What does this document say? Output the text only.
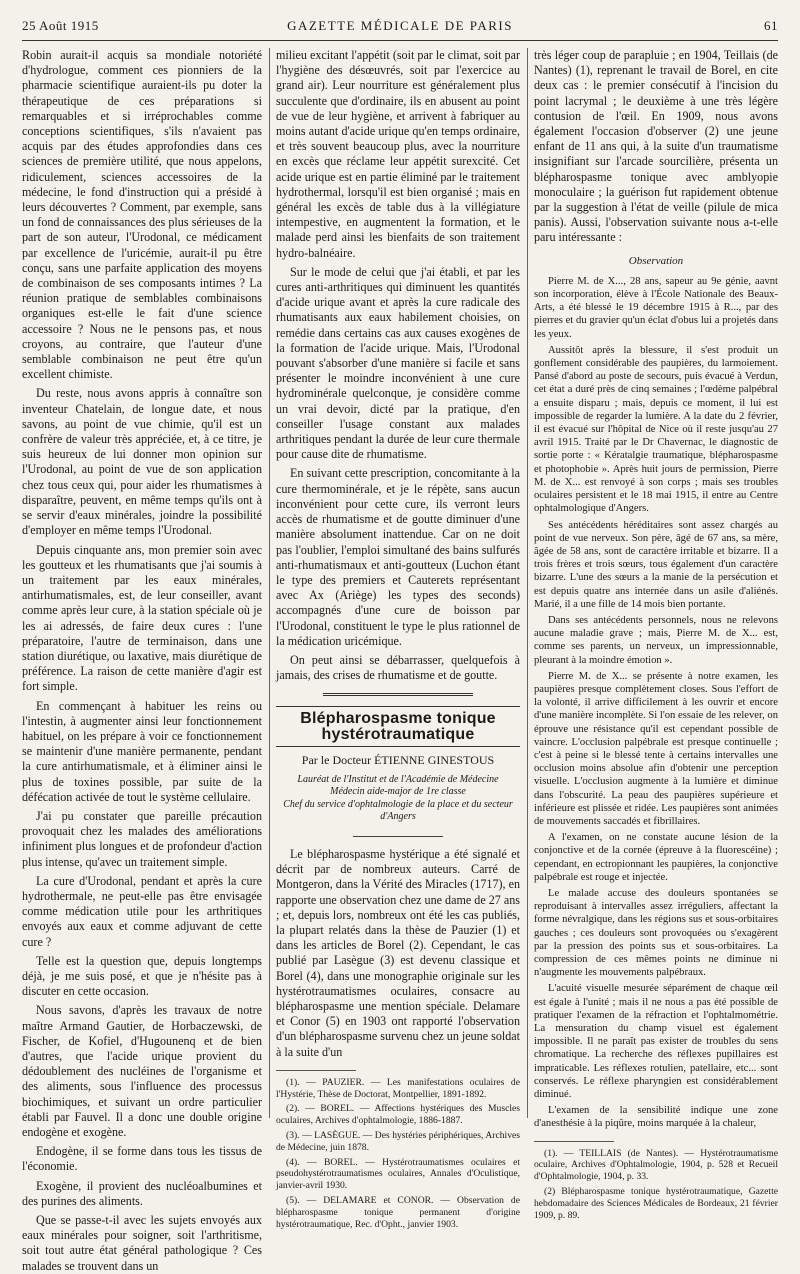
25 Août 1915	GAZETTE MÉDICALE DE PARIS	61

Robin aurait-il acquis sa mondiale notoriété d'hydrologue, comment ces pionniers de la pharmacie scientifique auraient-ils pu doter la thérapeutique de ces préparations si remarquables et si irréprochables comme conceptions scientifiques, s'ils n'avaient pas acquis par des études approfondies dans ces sciences de première utilité, que nous appelons, ridiculement, sciences accessoires de la médecine, le fond d'instruction qui a présidé à leurs découvertes ? Comment, par exemple, sans un fond de connaissances des plus sérieuses de la part de son auteur, l'Urodonal, ce médicament par excellence de l'uricémie, aurait-il pu être conçu, sans une parfaite application des moyens de combinaison de ses composants intimes ? La réunion pratique de semblables combinaisons organiques est-elle le fait d'une science accessoire ? Nous ne le pensons pas, et nous croyons, au contraire, que l'auteur d'une semblable combinaison ne peut être qu'un excellent chimiste.

Du reste, nous avons appris à connaître son inventeur Chatelain, de longue date, et nous savons, au point de vue chimie, qu'il est un confrère de valeur très appréciée, et, à ce titre, je suis heureux de lui donner mon opinion sur l'Urodonal, au point de vue de son application chez tous ceux qui, pour aider les rhumatismes à disparaître, peuvent, en même temps qu'ils ont à se servir d'eaux minérales, joindre la possibilité d'employer en même temps l'Urodonal.

Depuis cinquante ans, mon premier soin avec les goutteux et les rhumatisants que j'ai soumis à un traitement par les eaux minérales, antirhumatismales, est, de leur conseiller, avant comme après leur cure, à la station spéciale où je les ai adressés, de faire deux cures : l'une préparatoire, l'autre de terminaison, dans une station diurétique, ou laxative, mais diurétique de préférence. La raison de cette manière d'agir est fort simple.

En commençant à habituer les reins ou l'intestin, à augmenter ainsi leur fonctionnement habituel, on les prépare à voir ce fonctionnement se maintenir d'une manière permanente, pendant la cure antirhumatismale, et à éliminer ainsi le plus de toxines possible, par suite de la défécation activée de tout le système cellulaire.

J'ai pu constater que pareille précaution provoquait chez les malades des améliorations infiniment plus longues et de profondeur d'action plus intense, qu'avec un traitement simple.

La cure d'Urodonal, pendant et après la cure hydrothermale, ne peut-elle pas être envisagée comme médication utile pour les arthritiques envoyés aux eaux et comme adjuvant de cette cure ?

Telle est la question que, depuis longtemps déjà, je me suis posé, et que je n'hésite pas à discuter en cette occasion.

Nous savons, d'après les travaux de notre maître Armand Gautier, de Horbaczewski, de Fischer, de Kofiel, d'Hugounenq et de bien d'autres, que l'acide urique provient du dédoublement des nucléines de l'organisme et des aliments, sous l'influence des processus biochimiques, et suivant un ordre particulier établi par Fauvel. Il a donc une double origine endogène et exogène.

Endogène, il se forme dans tous les tissus de l'économie.

Exogène, il provient des nucléoalbumines et des purines des aliments.

Que se passe-t-il avec les sujets envoyés aux eaux minérales pour soigner, soit l'arthritisme, soit tout autre état général pathologique ? Ces malades se trouvent dans un

milieu excitant l'appétit (soit par le climat, soit par l'hygiène des désœuvrés, soit par l'exercice au grand air). Leur nourriture est généralement plus succulente que d'ordinaire, ils en abusent au point de vue de leur hygiène, et arrivent à fabriquer au moins autant d'acide urique qu'en temps ordinaire, et très souvent beaucoup plus, avec la nourriture en excès que réclame leur appétit surexcité. Cet acide urique est en partie éliminé par le traitement hydrothermal, lorsqu'il est bien organisé ; mais en général les excès de table dus à la villégiature intempestive, en augmentent la formation, et le malade perd ainsi les bienfaits de son traitement hydro-balnéaire.

Sur le mode de celui que j'ai établi, et par les cures anti-arthritiques qui diminuent les quantités d'acide urique avant et après la cure radicale des rhumatisants aux eaux habilement choisies, on remédie dans certains cas aux causes exogènes de la formation de l'acide urique. Mais, l'Urodonal pouvant s'absorber d'une manière si facile et sans présenter le moindre inconvénient à une cure hydrominérale quelconque, je considère comme un vrai devoir, dicté par la pratique, d'en conseiller l'usage constant aux malades arthritiques pendant la durée de leur cure thermale pour cause dite de rhumatisme.

En suivant cette prescription, concomitante à la cure thermominérale, et je le répète, sans aucun inconvénient pour cette cure, ils verront leurs accès de rhumatisme et de goutte diminuer d'une manière absolument inattendue. Car on ne doit pas l'oublier, l'emploi simultané des bains sulfurés anti-rhumatismaux et anti-goutteux (Luchon étant le type des premiers et Cauterets représentant avec Ax (Ariège) les types des seconds) accompagnés d'une cure de boisson par l'Urodonal, constituent le type le plus rationnel de la médication uricémique.

On peut ainsi se débarrasser, quelquefois à jamais, des crises de rhumatisme et de goutte.

Blépharospasme tonique hystérotraumatique
Par le Docteur ÉTIENNE GINESTOUS
Lauréat de l'Institut et de l'Académie de Médecine
Médecin aide-major de 1re classe
Chef du service d'ophtalmologie de la place et du secteur d'Angers

Le blépharospasme hystérique a été signalé et décrit par de nombreux auteurs. Carré de Montgeron, dans la Vérité des Miracles (1717), en rapporte une observation chez une dame de 27 ans ; et, depuis lors, nombreux ont été les cas publiés, la plupart relatés dans la thèse de Pauzier (1) et dans les articles de Borel (2). Cependant, le cas publié par Lasègue (3) est devenu classique et Borel (4), dans une monographie originale sur les hystérotraumatismes oculaires, consacre au blépharospasme une mention spéciale. Delamare et Conor (5) en 1903 ont rapporté l'observation d'un blépharospasme survenu chez un jeune soldat à la suite d'un

(1). — PAUZIER. — Les manifestations oculaires de l'Hystérie, Thèse de Doctorat, Montpellier, 1891-1892.

(2). — BOREL. — Affections hystériques des Muscles oculaires, Archives d'ophtalmologie, 1886-1887.

(3). — LASÈGUE. — Des hystéries périphériques, Archives de Médecine, juin 1878.

(4). — BOREL. — Hystérotraumatismes oculaires et pseudohystérotraumatismes oculaires, Annales d'Oculistique, janvier-avril 1930.

(5). — DELAMARE et CONOR. — Observation de blépharospasme tonique permanent d'origine hystérotraumatique, Rec. d'Opht., janvier 1903.

très léger coup de parapluie ; en 1904, Teillais (de Nantes) (1), reprenant le travail de Borel, en cite deux cas : le premier consécutif à l'incision du point lacrymal ; le deuxième à une très légère contusion de l'œil. En 1909, nous avons également l'occasion d'observer (2) une jeune enfant de 11 ans qui, à la suite d'un traumatisme insignifiant sur l'arcade sourcilière, présenta un blépharospasme tonique avec amblyopie monoculaire ; la guérison fut rapidement obtenue par la suggestion à l'état de veille (pilule de mica panis). Aussi, l'observation suivante nous a-t-elle paru intéressante :

Observation

Pierre M. de X..., 28 ans, sapeur au 9e génie, aavnt son incorporation, élève à l'École Nationale des Beaux-Arts, a été blessé le 19 décembre 1915 à R..., par des pierres et du gravier qu'un éclat d'obus lui a projetés dans les yeux.

Aussitôt après la blessure, il s'est produit un gonflement considérable des paupières, du larmoiement. Pansé d'abord au poste de secours, puis évacué à Verdun, cet état a duré près de cinq semaines ; l'œdème palpébral a ensuite disparu ; mais, depuis ce moment, il lui est impossible de regarder la lumière. A la date du 2 février, il est évacué sur l'hôpital de Nice où il reste jusqu'au 27 avril 1915. Traité par le Dr Chavernac, le diagnostic de sortie porte : « Kératalgie traumatique, blépharospasme et photophobie ». Après huit jours de permission, Pierre M. de X... est renvoyé à son corps ; mais ses troubles oculaires persistent et le 18 mai 1915, il entre au Centre ophtalmologique d'Angers.

Ses antécédents héréditaires sont assez chargés au point de vue nerveux. Son père, âgé de 67 ans, sa mère, âgée de 58 ans, sont de caractère irritable et bizarre. Il a trois frères et trois sœurs, tous également d'un caractère bizarre. L'une des sœurs a la manie de la persécution et est depuis quatre ans internée dans un asile d'aliénés. Marié, il a une fille de 14 mois bien portante.

Dans ses antécédents personnels, nous ne relevons aucune maladie grave ; mais, Pierre M. de X... est, comme ses parents, un nerveux, un impressionnable, pleurant à la moindre émotion ».

Pierre M. de X... se présente à notre examen, les paupières presque complètement closes. Sous l'effort de la volonté, il arrive difficilement à les ouvrir et encore d'une manière incomplète. Si l'on essaie de les relever, on éprouve une résistance qu'il est cependant possible de vaincre. L'occlusion palpébrale est presque continuelle ; c'est à peine si le blessé tente à certains intervalles une occlusion moins absolue afin d'obtenir une perception visuelle. L'occlusion augmente à la lumière et diminue dans l'obscurité. La peau des paupières supérieure et inférieure est plissée et ridée. Les paupières sont animées de mouvements saccadés et fibrillaires.

A l'examen, on ne constate aucune lésion de la conjonctive et de la cornée (épreuve à la fluorescéine) ; cependant, en ectropionnant les paupières, la conjonctive palpébrale est rouge et injectée.

Le malade accuse des douleurs spontanées se reproduisant à intervalles assez irréguliers, affectant la forme névralgique, dans les régions sus et sous-orbitaires gauches ; ces douleurs sont provoquées ou s'exagèrent par la pression des points sus et sous-orbitaires. La compression de ces mêmes points ne diminue ni n'augmente les mouvements palpébraux.

L'acuité visuelle mesurée séparément de chaque œil est égale à l'unité ; mais il ne nous a pas été possible de pratiquer l'examen de la réfraction et l'ophtalmométrie. La mensuration du champ visuel est également impossible. Il ne paraît pas exister de troubles du sens chromatique. La recherche des réflexes pupillaires est impraticable. Les réflexes rotulien, patellaire, etc... sont conservés. Le réflexe pharyngien est considérablement diminué.

L'examen de la sensibilité indique une zone d'anesthésie à la piqûre, moins marquée à la chaleur,

(1). — TEILLAIS (de Nantes). — Hystérotraumatisme oculaire, Archives d'Ophtalmologie, 1904, p. 528 et Recueil d'Ophtalmologie, 1904, p. 33.

(2) Blépharospasme tonique hystérotraumatique, Gazette hebdomadaire des Sciences Médicales de Bordeaux, 21 février 1909, p. 89.
